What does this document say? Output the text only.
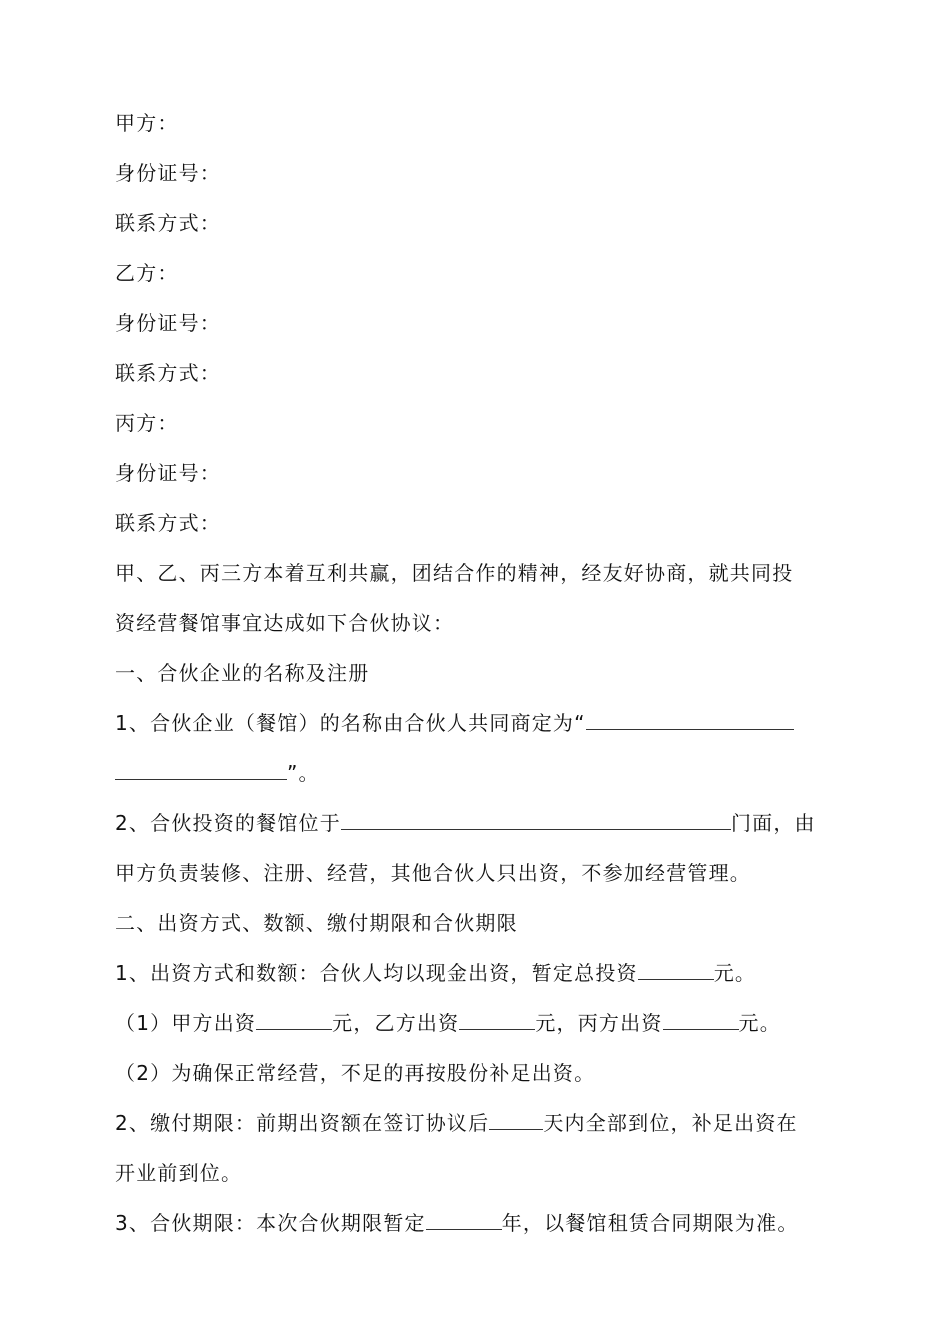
甲方：
身份证号：
联系方式：
乙方：
身份证号：
联系方式：
丙方：
身份证号：
联系方式：
甲、乙、丙三方本着互利共赢，团结合作的精神，经友好协商，就共同投
资经营餐馆事宜达成如下合伙协议：
一、合伙企业的名称及注册
1、合伙企业（餐馆）的名称由合伙人共同商定为“
”。
2、合伙投资的餐馆位于	门面，由
甲方负责装修、注册、经营，其他合伙人只出资，不参加经营管理。
二、出资方式、数额、缴付期限和合伙期限
1、出资方式和数额：合伙人均以现金出资，暂定总投资	元。
（1）甲方出资	元，乙方出资	元，丙方出资	元。
（2）为确保正常经营，不足的再按股份补足出资。
2、缴付期限：前期出资额在签订协议后	天内全部到位，补足出资在
开业前到位。
3、合伙期限：本次合伙期限暂定	年，以餐馆租赁合同期限为准。
